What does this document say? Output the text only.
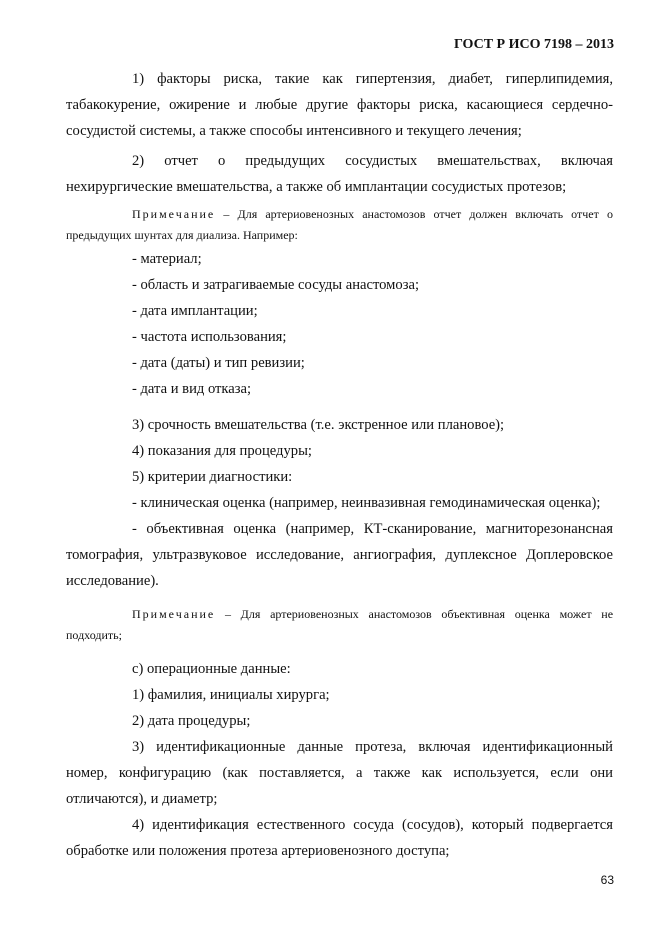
ГОСТ Р ИСО 7198 – 2013

1) факторы риска, такие как гипертензия, диабет, гиперлипидемия, табакокурение, ожирение и любые другие факторы риска, касающиеся сердечно-сосудистой системы, а также способы интенсивного и текущего лечения;

2) отчет о предыдущих сосудистых вмешательствах, включая нехирургические вмешательства, а также об имплантации сосудистых протезов;

Примечание – Для артериовенозных анастомозов отчет должен включать отчет о предыдущих шунтах для диализа. Например:

- материал;

- область и затрагиваемые сосуды анастомоза;

- дата имплантации;

- частота использования;

- дата (даты) и тип ревизии;

- дата и вид отказа;

3) срочность вмешательства (т.е. экстренное или плановое);

4) показания для процедуры;

5) критерии диагностики:

- клиническая оценка (например, неинвазивная гемодинамическая оценка);

- объективная оценка (например, КТ-сканирование, магниторезонансная томография, ультразвуковое исследование, ангиография, дуплексное Доплеровское исследование).

Примечание – Для артериовенозных анастомозов объективная оценка может не подходить;

c) операционные данные:

1) фамилия, инициалы хирурга;

2) дата процедуры;

3) идентификационные данные протеза, включая идентификационный номер, конфигурацию (как поставляется, а также как используется, если они отличаются), и диаметр;

4) идентификация естественного сосуда (сосудов), который подвергается обработке или положения протеза артериовенозного доступа;

63
